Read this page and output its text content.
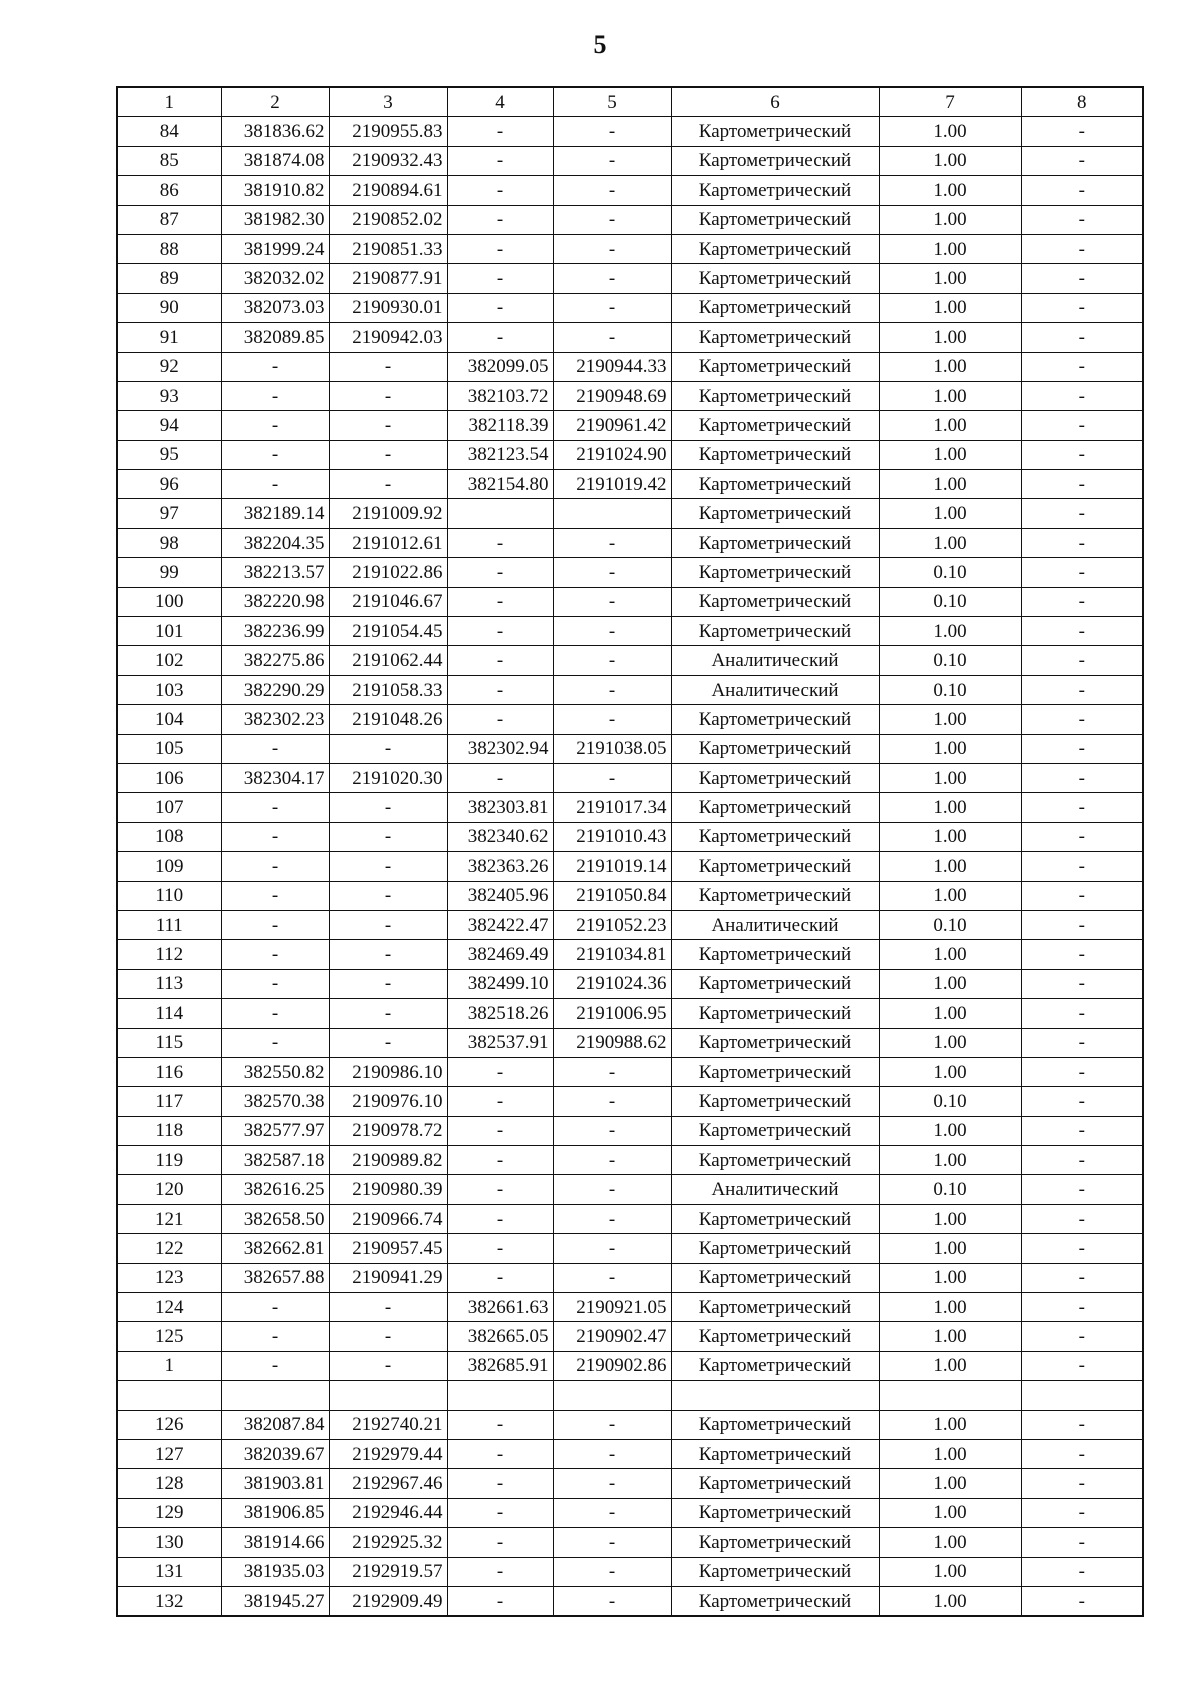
5
1	2	3	4	5	6	7	8
84	381836.62	2190955.83	-	-	Картометрический	1.00	-
85	381874.08	2190932.43	-	-	Картометрический	1.00	-
86	381910.82	2190894.61	-	-	Картометрический	1.00	-
87	381982.30	2190852.02	-	-	Картометрический	1.00	-
88	381999.24	2190851.33	-	-	Картометрический	1.00	-
89	382032.02	2190877.91	-	-	Картометрический	1.00	-
90	382073.03	2190930.01	-	-	Картометрический	1.00	-
91	382089.85	2190942.03	-	-	Картометрический	1.00	-
92	-	-	382099.05	2190944.33	Картометрический	1.00	-
93	-	-	382103.72	2190948.69	Картометрический	1.00	-
94	-	-	382118.39	2190961.42	Картометрический	1.00	-
95	-	-	382123.54	2191024.90	Картометрический	1.00	-
96	-	-	382154.80	2191019.42	Картометрический	1.00	-
97	382189.14	2191009.92			Картометрический	1.00	-
98	382204.35	2191012.61	-	-	Картометрический	1.00	-
99	382213.57	2191022.86	-	-	Картометрический	0.10	-
100	382220.98	2191046.67	-	-	Картометрический	0.10	-
101	382236.99	2191054.45	-	-	Картометрический	1.00	-
102	382275.86	2191062.44	-	-	Аналитический	0.10	-
103	382290.29	2191058.33	-	-	Аналитический	0.10	-
104	382302.23	2191048.26	-	-	Картометрический	1.00	-
105	-	-	382302.94	2191038.05	Картометрический	1.00	-
106	382304.17	2191020.30	-	-	Картометрический	1.00	-
107	-	-	382303.81	2191017.34	Картометрический	1.00	-
108	-	-	382340.62	2191010.43	Картометрический	1.00	-
109	-	-	382363.26	2191019.14	Картометрический	1.00	-
110	-	-	382405.96	2191050.84	Картометрический	1.00	-
111	-	-	382422.47	2191052.23	Аналитический	0.10	-
112	-	-	382469.49	2191034.81	Картометрический	1.00	-
113	-	-	382499.10	2191024.36	Картометрический	1.00	-
114	-	-	382518.26	2191006.95	Картометрический	1.00	-
115	-	-	382537.91	2190988.62	Картометрический	1.00	-
116	382550.82	2190986.10	-	-	Картометрический	1.00	-
117	382570.38	2190976.10	-	-	Картометрический	0.10	-
118	382577.97	2190978.72	-	-	Картометрический	1.00	-
119	382587.18	2190989.82	-	-	Картометрический	1.00	-
120	382616.25	2190980.39	-	-	Аналитический	0.10	-
121	382658.50	2190966.74	-	-	Картометрический	1.00	-
122	382662.81	2190957.45	-	-	Картометрический	1.00	-
123	382657.88	2190941.29	-	-	Картометрический	1.00	-
124	-	-	382661.63	2190921.05	Картометрический	1.00	-
125	-	-	382665.05	2190902.47	Картометрический	1.00	-
1	-	-	382685.91	2190902.86	Картометрический	1.00	-

126	382087.84	2192740.21	-	-	Картометрический	1.00	-
127	382039.67	2192979.44	-	-	Картометрический	1.00	-
128	381903.81	2192967.46	-	-	Картометрический	1.00	-
129	381906.85	2192946.44	-	-	Картометрический	1.00	-
130	381914.66	2192925.32	-	-	Картометрический	1.00	-
131	381935.03	2192919.57	-	-	Картометрический	1.00	-
132	381945.27	2192909.49	-	-	Картометрический	1.00	-
